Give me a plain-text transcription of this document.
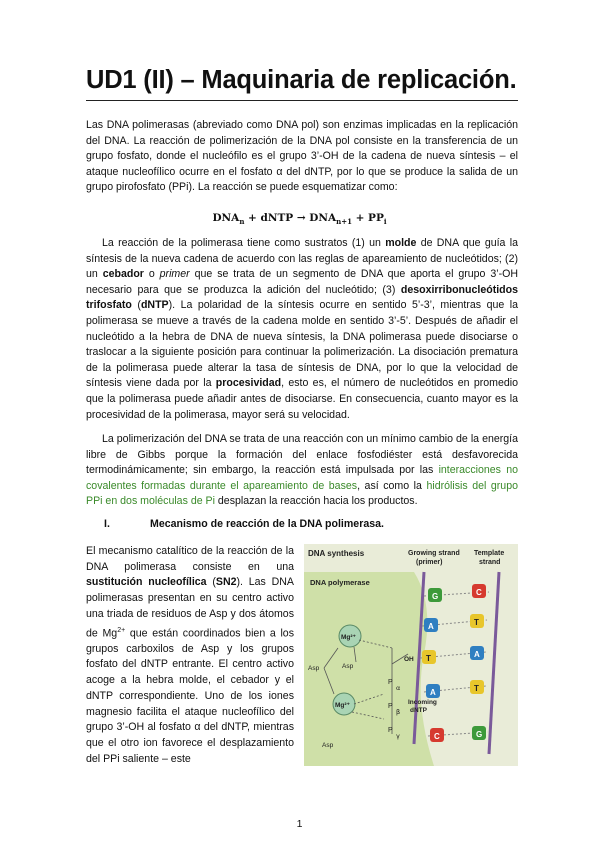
UD1 (II) – Maquinaria de replicación.

Las DNA polimerasas (abreviado como DNA pol) son enzimas implicadas en la replicación del DNA. La reacción de polimerización de la DNA pol consiste en la transferencia de un grupo fosfato, donde el nucleófilo es el grupo 3’-OH de la cadena de nueva síntesis – el ataque nucleofílico ocurre en el fosfato α del dNTP, por lo que se produce la salida de un grupo pirofosfato (PPi). La reacción se puede esquematizar como:

$DNA_n$ + dNTP → $DNA_{n+1} + PP_i$

La reacción de la polimerasa tiene como sustratos (1) un molde de DNA que guía la síntesis de la nueva cadena de acuerdo con las reglas de apareamiento de nucleótidos; (2) un cebador o primer que se trata de un segmento de DNA que aporta el grupo 3’-OH necesario para que se produzca la adición del nucleótido; (3) desoxirribonucleótidos trifosfato (dNTP). La polaridad de la síntesis ocurre en sentido 5’-3’, mientras que la polimerasa se mueve a través de la cadena molde en sentido 3’-5’. Después de añadir el nucleótido a la hebra de DNA de nueva síntesis, la DNA polimerasa puede disociarse o traslocar a la siguiente posición para continuar la polimerización. La disociación prematura de la polimerasa puede alterar la tasa de síntesis de DNA, por lo que la velocidad de síntesis viene dada por la procesividad, esto es, el número de nucleótidos en promedio que la polimerasa puede añadir antes de disociarse. En consecuencia, cuanto mayor es la procesividad de la polimerasa, mayor será su velocidad.

La polimerización del DNA se trata de una reacción con un mínimo cambio de la energía libre de Gibbs porque la formación del enlace fosfodiéster está desfavorecida termodinámicamente; sin embargo, la reacción está impulsada por las interacciones no covalentes formadas durante el apareamiento de bases, así como la hidrólisis del grupo PPi en dos moléculas de Pi desplazan la reacción hacia los productos.

I.	Mecanismo de reacción de la DNA polimerasa.

El mecanismo catalítico de la reacción de la DNA polimerasa consiste en una sustitución nucleofílica (SN2). Las DNA polimerasas presentan en su centro activo una triada de residuos de Asp y dos átomos de $Mg^{2+}$ que están coordinados bien a los grupos carboxilos de Asp y los grupos fosfato del dNTP entrante. El centro activo acoge a la hebra molde, el cebador y el dNTP correspondiente. Uno de los iones magnesio facilita el ataque nucleofílico del grupo 3’-OH al fosfato α del dNTP, mientras que el otro ion favorece el desplazamiento del PPi saliente – este

DNA synthesis	Growing strand
(primer)
Template
strand
DNA polymerase
G
A
T
A
C
C
T
A
T
G
Mg²⁺
Mg²⁺
Asp	Asp
Asp
P
P
P
α
β
γ
OH
Incoming
dNTP
1
